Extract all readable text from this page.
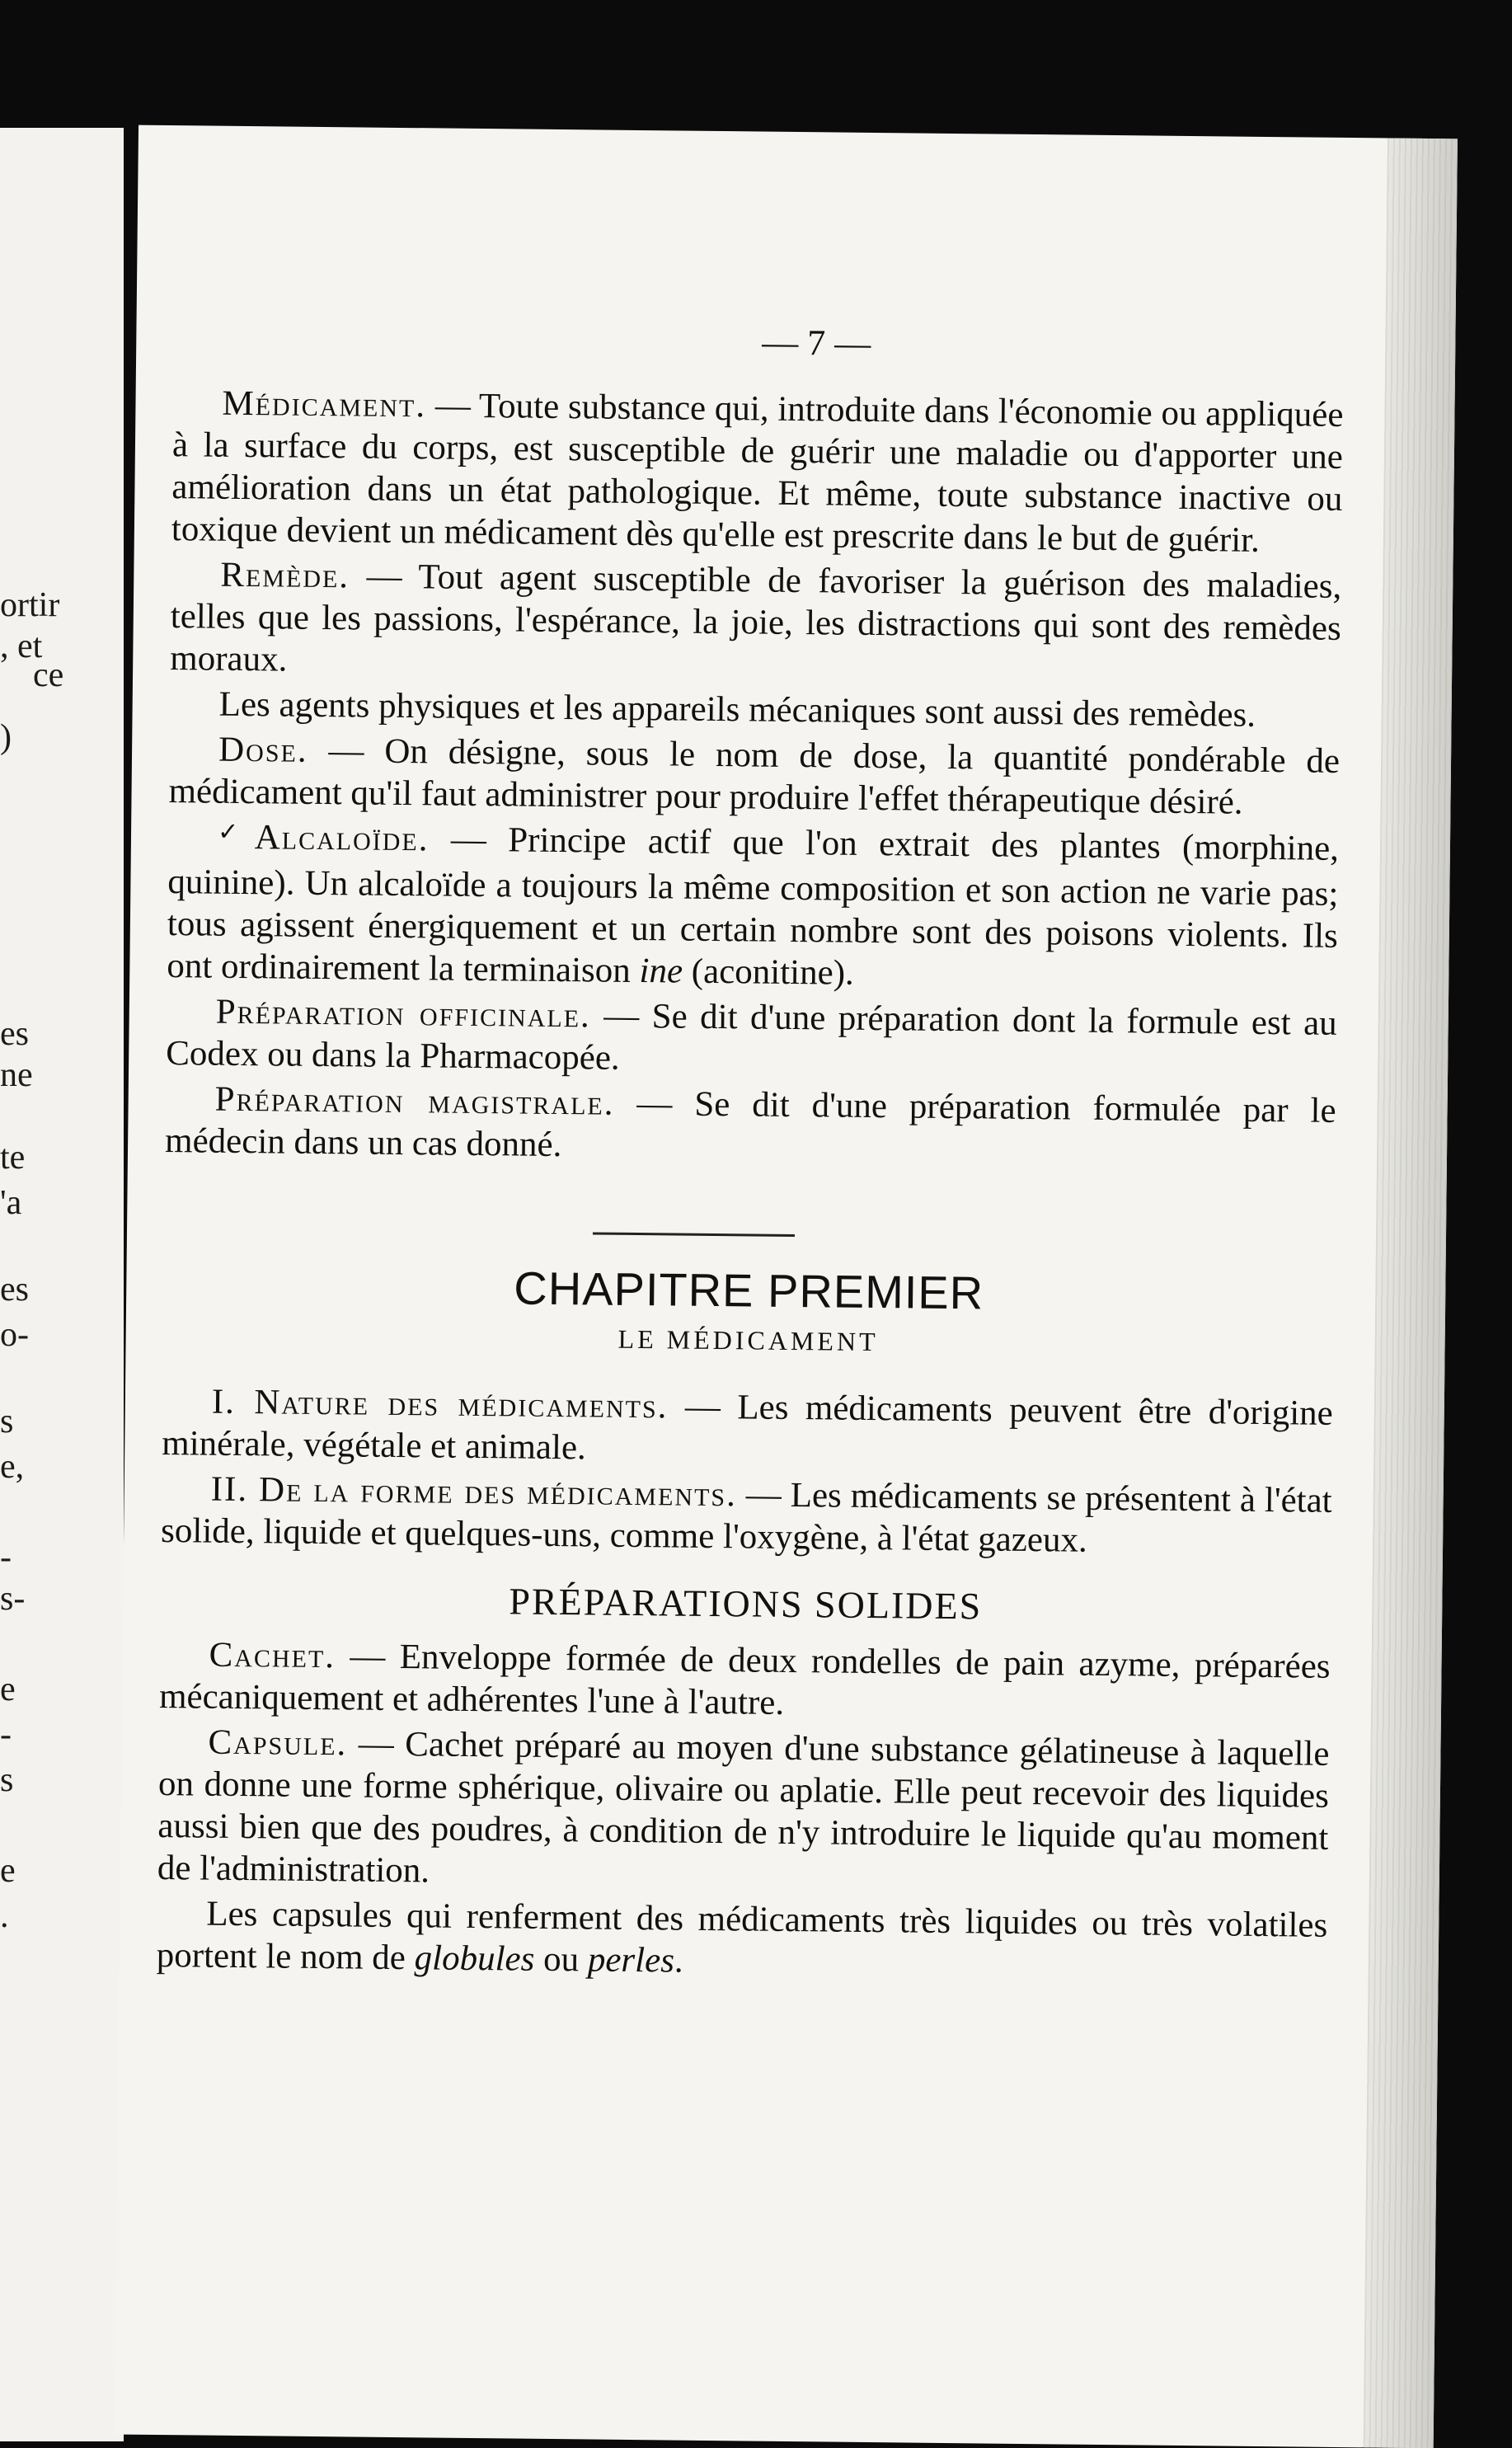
ortir
, et
ce
)
es
ne
te
'a
es
o-
s
e,
-
s-
e
-
s
e
.
— 7 —

Médicament. — Toute substance qui, introduite dans l'économie ou appliquée à la surface du corps, est susceptible de guérir une maladie ou d'apporter une amélioration dans un état pathologique. Et même, toute substance inactive ou toxique devient un médicament dès qu'elle est prescrite dans le but de guérir.

Remède. — Tout agent susceptible de favoriser la guérison des maladies, telles que les passions, l'espérance, la joie, les distractions qui sont des remèdes moraux.

Les agents physiques et les appareils mécaniques sont aussi des remèdes.

Dose. — On désigne, sous le nom de dose, la quantité pondérable de médicament qu'il faut administrer pour produire l'effet thérapeutique désiré.

✓Alcaloïde. — Principe actif que l'on extrait des plantes (morphine, quinine). Un alcaloïde a toujours la même composition et son action ne varie pas; tous agissent énergiquement et un certain nombre sont des poisons violents. Ils ont ordinairement la terminaison ine (aconitine).

Préparation officinale. — Se dit d'une préparation dont la formule est au Codex ou dans la Pharmacopée.

Préparation magistrale. — Se dit d'une préparation formulée par le médecin dans un cas donné.

CHAPITRE PREMIER
LE MÉDICAMENT

I. Nature des médicaments. — Les médicaments peuvent être d'origine minérale, végétale et animale.

II. De la forme des médicaments. — Les médicaments se présentent à l'état solide, liquide et quelques-uns, comme l'oxygène, à l'état gazeux.

PRÉPARATIONS SOLIDES

Cachet. — Enveloppe formée de deux rondelles de pain azyme, préparées mécaniquement et adhérentes l'une à l'autre.

Capsule. — Cachet préparé au moyen d'une substance gélatineuse à laquelle on donne une forme sphérique, olivaire ou aplatie. Elle peut recevoir des liquides aussi bien que des poudres, à condition de n'y introduire le liquide qu'au moment de l'administration.

Les capsules qui renferment des médicaments très liquides ou très volatiles portent le nom de globules ou perles.
